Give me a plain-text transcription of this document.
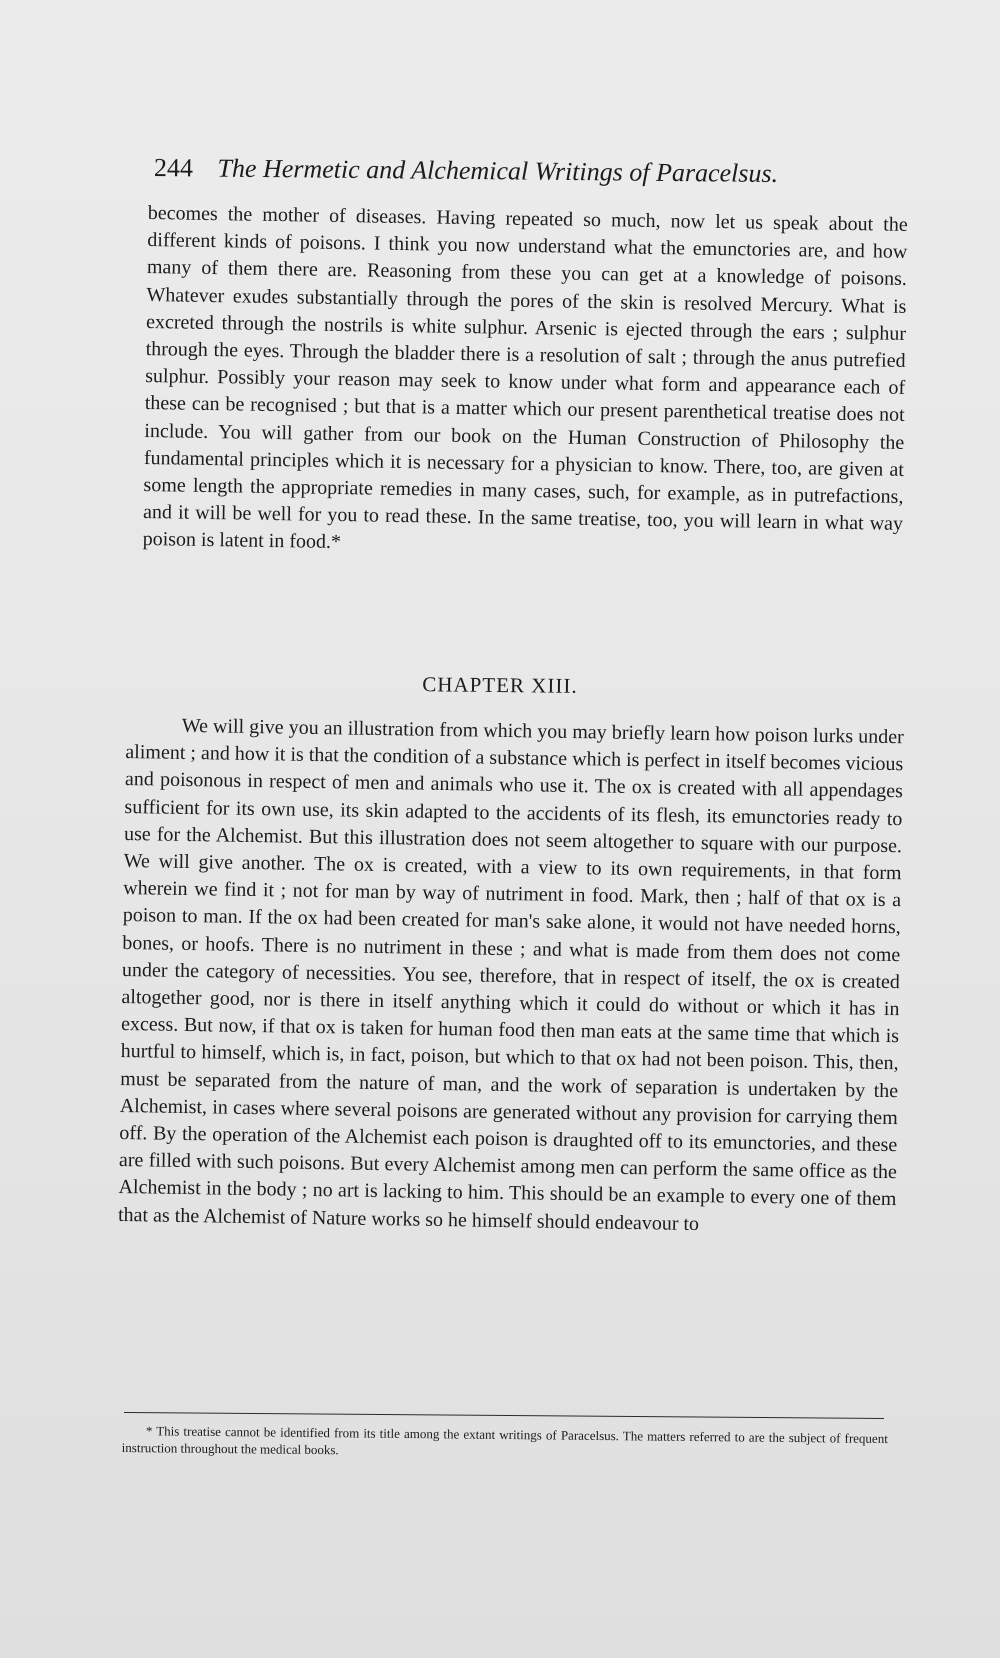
244 The Hermetic and Alchemical Writings of Paracelsus.

becomes the mother of diseases. Having repeated so much, now let us speak about the different kinds of poisons. I think you now understand what the emunctories are, and how many of them there are. Reasoning from these you can get at a knowledge of poisons. Whatever exudes substantially through the pores of the skin is resolved Mercury. What is excreted through the nostrils is white sulphur. Arsenic is ejected through the ears ; sulphur through the eyes. Through the bladder there is a resolution of salt ; through the anus putrefied sulphur. Possibly your reason may seek to know under what form and appearance each of these can be recognised ; but that is a matter which our present parenthetical treatise does not include. You will gather from our book on the Human Construction of Philosophy the fundamental principles which it is necessary for a physician to know. There, too, are given at some length the appropriate remedies in many cases, such, for example, as in putrefactions, and it will be well for you to read these. In the same treatise, too, you will learn in what way poison is latent in food.*

CHAPTER XIII.

We will give you an illustration from which you may briefly learn how poison lurks under aliment ; and how it is that the condition of a substance which is perfect in itself becomes vicious and poisonous in respect of men and animals who use it. The ox is created with all appendages sufficient for its own use, its skin adapted to the accidents of its flesh, its emunctories ready to use for the Alchemist. But this illustration does not seem altogether to square with our purpose. We will give another. The ox is created, with a view to its own requirements, in that form wherein we find it ; not for man by way of nutriment in food. Mark, then ; half of that ox is a poison to man. If the ox had been created for man's sake alone, it would not have needed horns, bones, or hoofs. There is no nutriment in these ; and what is made from them does not come under the category of necessities. You see, therefore, that in respect of itself, the ox is created altogether good, nor is there in itself anything which it could do without or which it has in excess. But now, if that ox is taken for human food then man eats at the same time that which is hurtful to himself, which is, in fact, poison, but which to that ox had not been poison. This, then, must be separated from the nature of man, and the work of separation is undertaken by the Alchemist, in cases where several poisons are generated without any provision for carrying them off. By the operation of the Alchemist each poison is draughted off to its emunctories, and these are filled with such poisons. But every Alchemist among men can perform the same office as the Alchemist in the body ; no art is lacking to him. This should be an example to every one of them that as the Alchemist of Nature works so he himself should endeavour to

* This treatise cannot be identified from its title among the extant writings of Paracelsus. The matters referred to are the subject of frequent instruction throughout the medical books.
